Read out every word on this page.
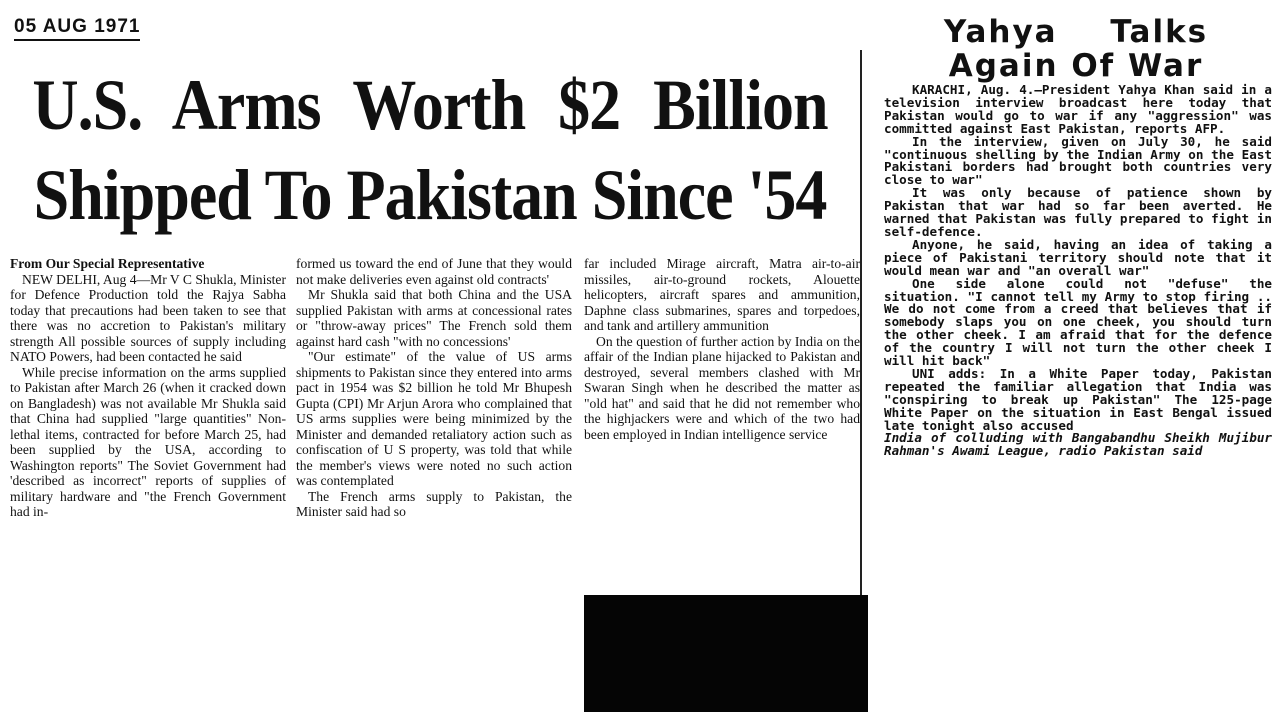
05 AUG 1971
U.S. Arms Worth $2 Billion
Shipped To Pakistan Since '54

From Our Special Representative

NEW DELHI, Aug 4—Mr V C Shukla, Minister for Defence Production told the Rajya Sabha today that precautions had been taken to see that there was no accretion to Pakistan's military strength All possible sources of supply including NATO Powers, had been contacted he said

While precise information on the arms supplied to Pakistan after March 26 (when it cracked down on Bangladesh) was not available Mr Shukla said that China had supplied "large quantities" Non-lethal items, contracted for before March 25, had been supplied by the USA, according to Washington reports" The Soviet Government had 'described as incorrect" reports of supplies of military hardware and "the French Government had in-

formed us toward the end of June that they would not make deliveries even against old contracts'

Mr Shukla said that both China and the USA supplied Pakistan with arms at concessional rates or "throw-away prices" The French sold them against hard cash "with no concessions'

"Our estimate" of the value of US arms shipments to Pakistan since they entered into arms pact in 1954 was $2 billion he told Mr Bhupesh Gupta (CPI) Mr Arjun Arora who complained that US arms supplies were being minimized by the Minister and demanded retaliatory action such as confiscation of U S property, was told that while the member's views were noted no such action was contemplated

The French arms supply to Pakistan, the Minister said had so

far included Mirage aircraft, Matra air-to-air missiles, air-to-ground rockets, Alouette helicopters, aircraft spares and ammunition, Daphne class submarines, spares and torpedoes, and tank and artillery ammunition

On the question of further action by India on the affair of the Indian plane hijacked to Pakistan and destroyed, several members clashed with Mr Swaran Singh when he described the matter as "old hat" and said that he did not remember who the highjackers were and which of the two had been employed in Indian intelligence service

Yahya Talks
Again Of War

KARACHI, Aug. 4.—President Yahya Khan said in a television interview broadcast here today that Pakistan would go to war if any "aggression" was committed against East Pakistan, reports AFP.

In the interview, given on July 30, he said "continuous shelling by the Indian Army on the East Pakistani borders had brought both countries very close to war"

It was only because of patience shown by Pakistan that war had so far been averted. He warned that Pakistan was fully prepared to fight in self-defence.

Anyone, he said, having an idea of taking a piece of Pakistani territory should note that it would mean war and "an overall war"

One side alone could not "defuse" the situation. "I cannot tell my Army to stop firing .. We do not come from a creed that believes that if somebody slaps you on one cheek, you should turn the other cheek. I am afraid that for the defence of the country I will not turn the other cheek I will hit back"

UNI adds: In a White Paper today, Pakistan repeated the familiar allegation that India was "conspiring to break up Pakistan" The 125-page White Paper on the situation in East Bengal issued late tonight also accused

India of colluding with Bangabandhu Sheikh Mujibur Rahman's Awami League, radio Pakistan said
